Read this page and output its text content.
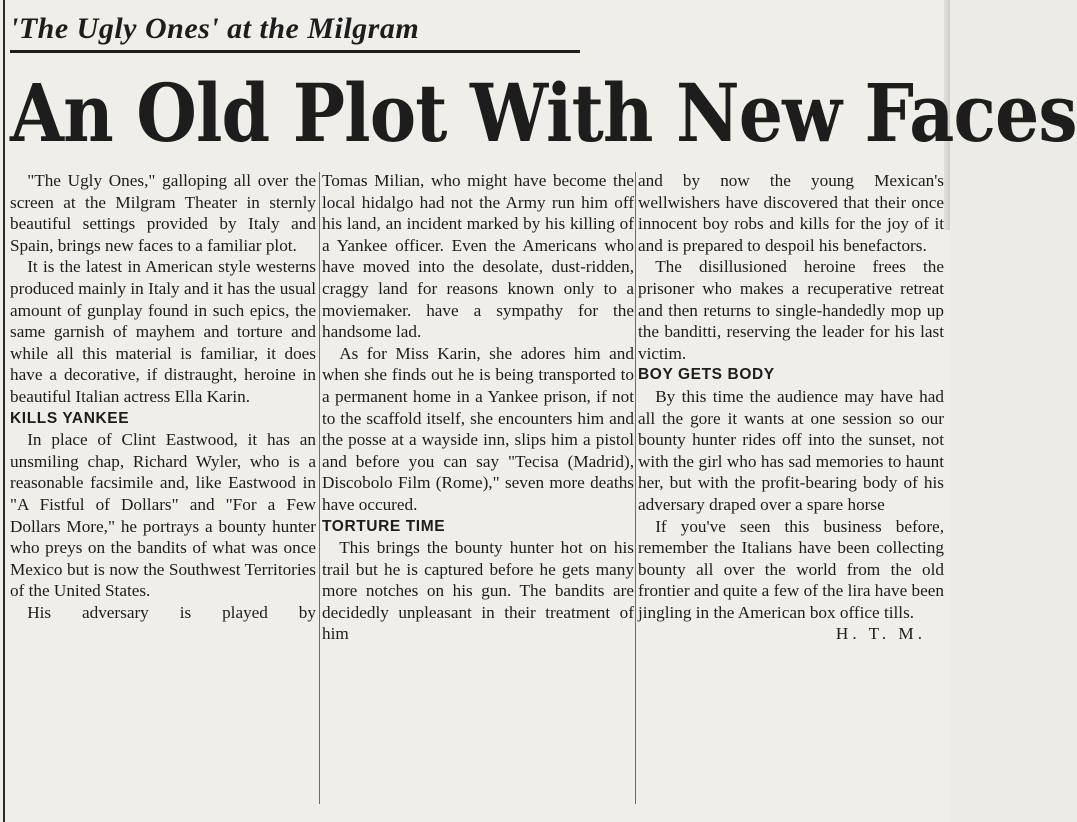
'The Ugly Ones' at the Milgram
An Old Plot With New Faces

"The Ugly Ones," galloping all over the screen at the Milgram Theater in sternly beautiful settings provided by Italy and Spain, brings new faces to a familiar plot.

It is the latest in American style westerns produced mainly in Italy and it has the usual amount of gunplay found in such epics, the same garnish of mayhem and torture and while all this material is familiar, it does have a decorative, if distraught, heroine in beautiful Italian actress Ella Karin.

KILLS YANKEE

In place of Clint Eastwood, it has an unsmiling chap, Richard Wyler, who is a reasonable facsimile and, like Eastwood in "A Fistful of Dollars" and "For a Few Dollars More," he portrays a bounty hunter who preys on the bandits of what was once Mexico but is now the Southwest Territories of the United States.

His adversary is played by

Tomas Milian, who might have become the local hidalgo had not the Army run him off his land, an incident marked by his killing of a Yankee officer. Even the Americans who have moved into the desolate, dust-ridden, craggy land for reasons known only to a moviemaker. have a sympathy for the handsome lad.

As for Miss Karin, she adores him and when she finds out he is being transported to a permanent home in a Yankee prison, if not to the scaffold itself, she encounters him and the posse at a wayside inn, slips him a pistol and before you can say "Tecisa (Madrid), Discobolo Film (Rome)," seven more deaths have occured.

TORTURE TIME

This brings the bounty hunter hot on his trail but he is captured before he gets many more notches on his gun. The bandits are decidedly unpleasant in their treatment of him

and by now the young Mexican's wellwishers have discovered that their once innocent boy robs and kills for the joy of it and is prepared to despoil his benefactors.

The disillusioned heroine frees the prisoner who makes a recuperative retreat and then returns to single-handedly mop up the banditti, reserving the leader for his last victim.

BOY GETS BODY

By this time the audience may have had all the gore it wants at one session so our bounty hunter rides off into the sunset, not with the girl who has sad memories to haunt her, but with the profit-bearing body of his adversary draped over a spare horse

If you've seen this business before, remember the Italians have been collecting bounty all over the world from the old frontier and quite a few of the lira have been jingling in the American box office tills.

H. T. M.
